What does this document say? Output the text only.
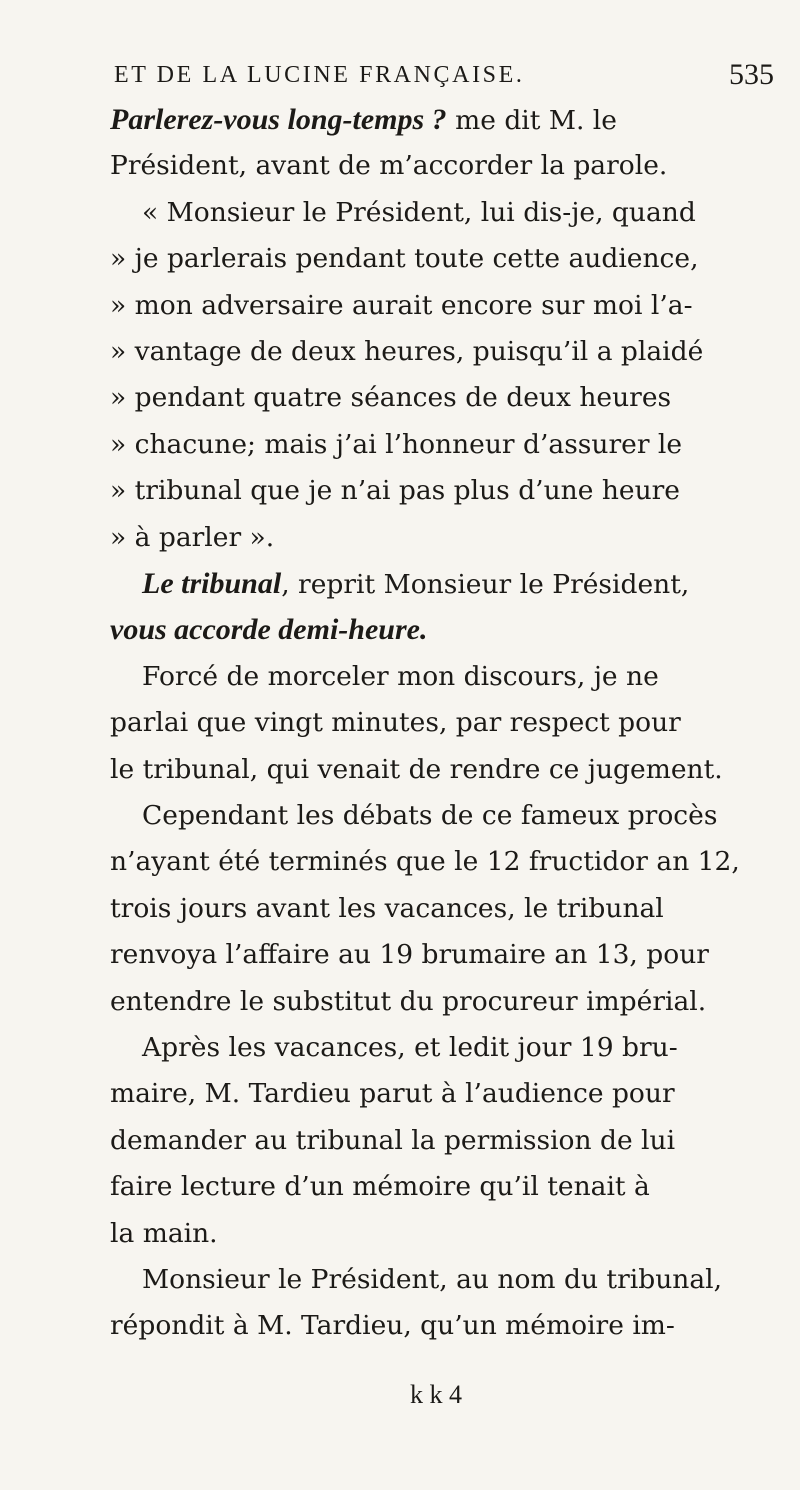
ET DE LA LUCINE FRANÇAISE.	535
Parlerez-vous long-temps ? me dit M. le
Président, avant de m’accorder la parole.
« Monsieur le Président, lui dis-je, quand
» je parlerais pendant toute cette audience,
» mon adversaire aurait encore sur moi l’a-
» vantage de deux heures, puisqu’il a plaidé
» pendant quatre séances de deux heures
» chacune; mais j’ai l’honneur d’assurer le
» tribunal que je n’ai pas plus d’une heure
» à parler ».
Le tribunal, reprit Monsieur le Président,
vous accorde demi-heure.
Forcé de morceler mon discours, je ne
parlai que vingt minutes, par respect pour
le tribunal, qui venait de rendre ce jugement.
Cependant les débats de ce fameux procès
n’ayant été terminés que le 12 fructidor an 12,
trois jours avant les vacances, le tribunal
renvoya l’affaire au 19 brumaire an 13, pour
entendre le substitut du procureur impérial.
Après les vacances, et ledit jour 19 bru-
maire, M. Tardieu parut à l’audience pour
demander au tribunal la permission de lui
faire lecture d’un mémoire qu’il tenait à
la main.
Monsieur le Président, au nom du tribunal,
répondit à M. Tardieu, qu’un mémoire im-
k k 4
